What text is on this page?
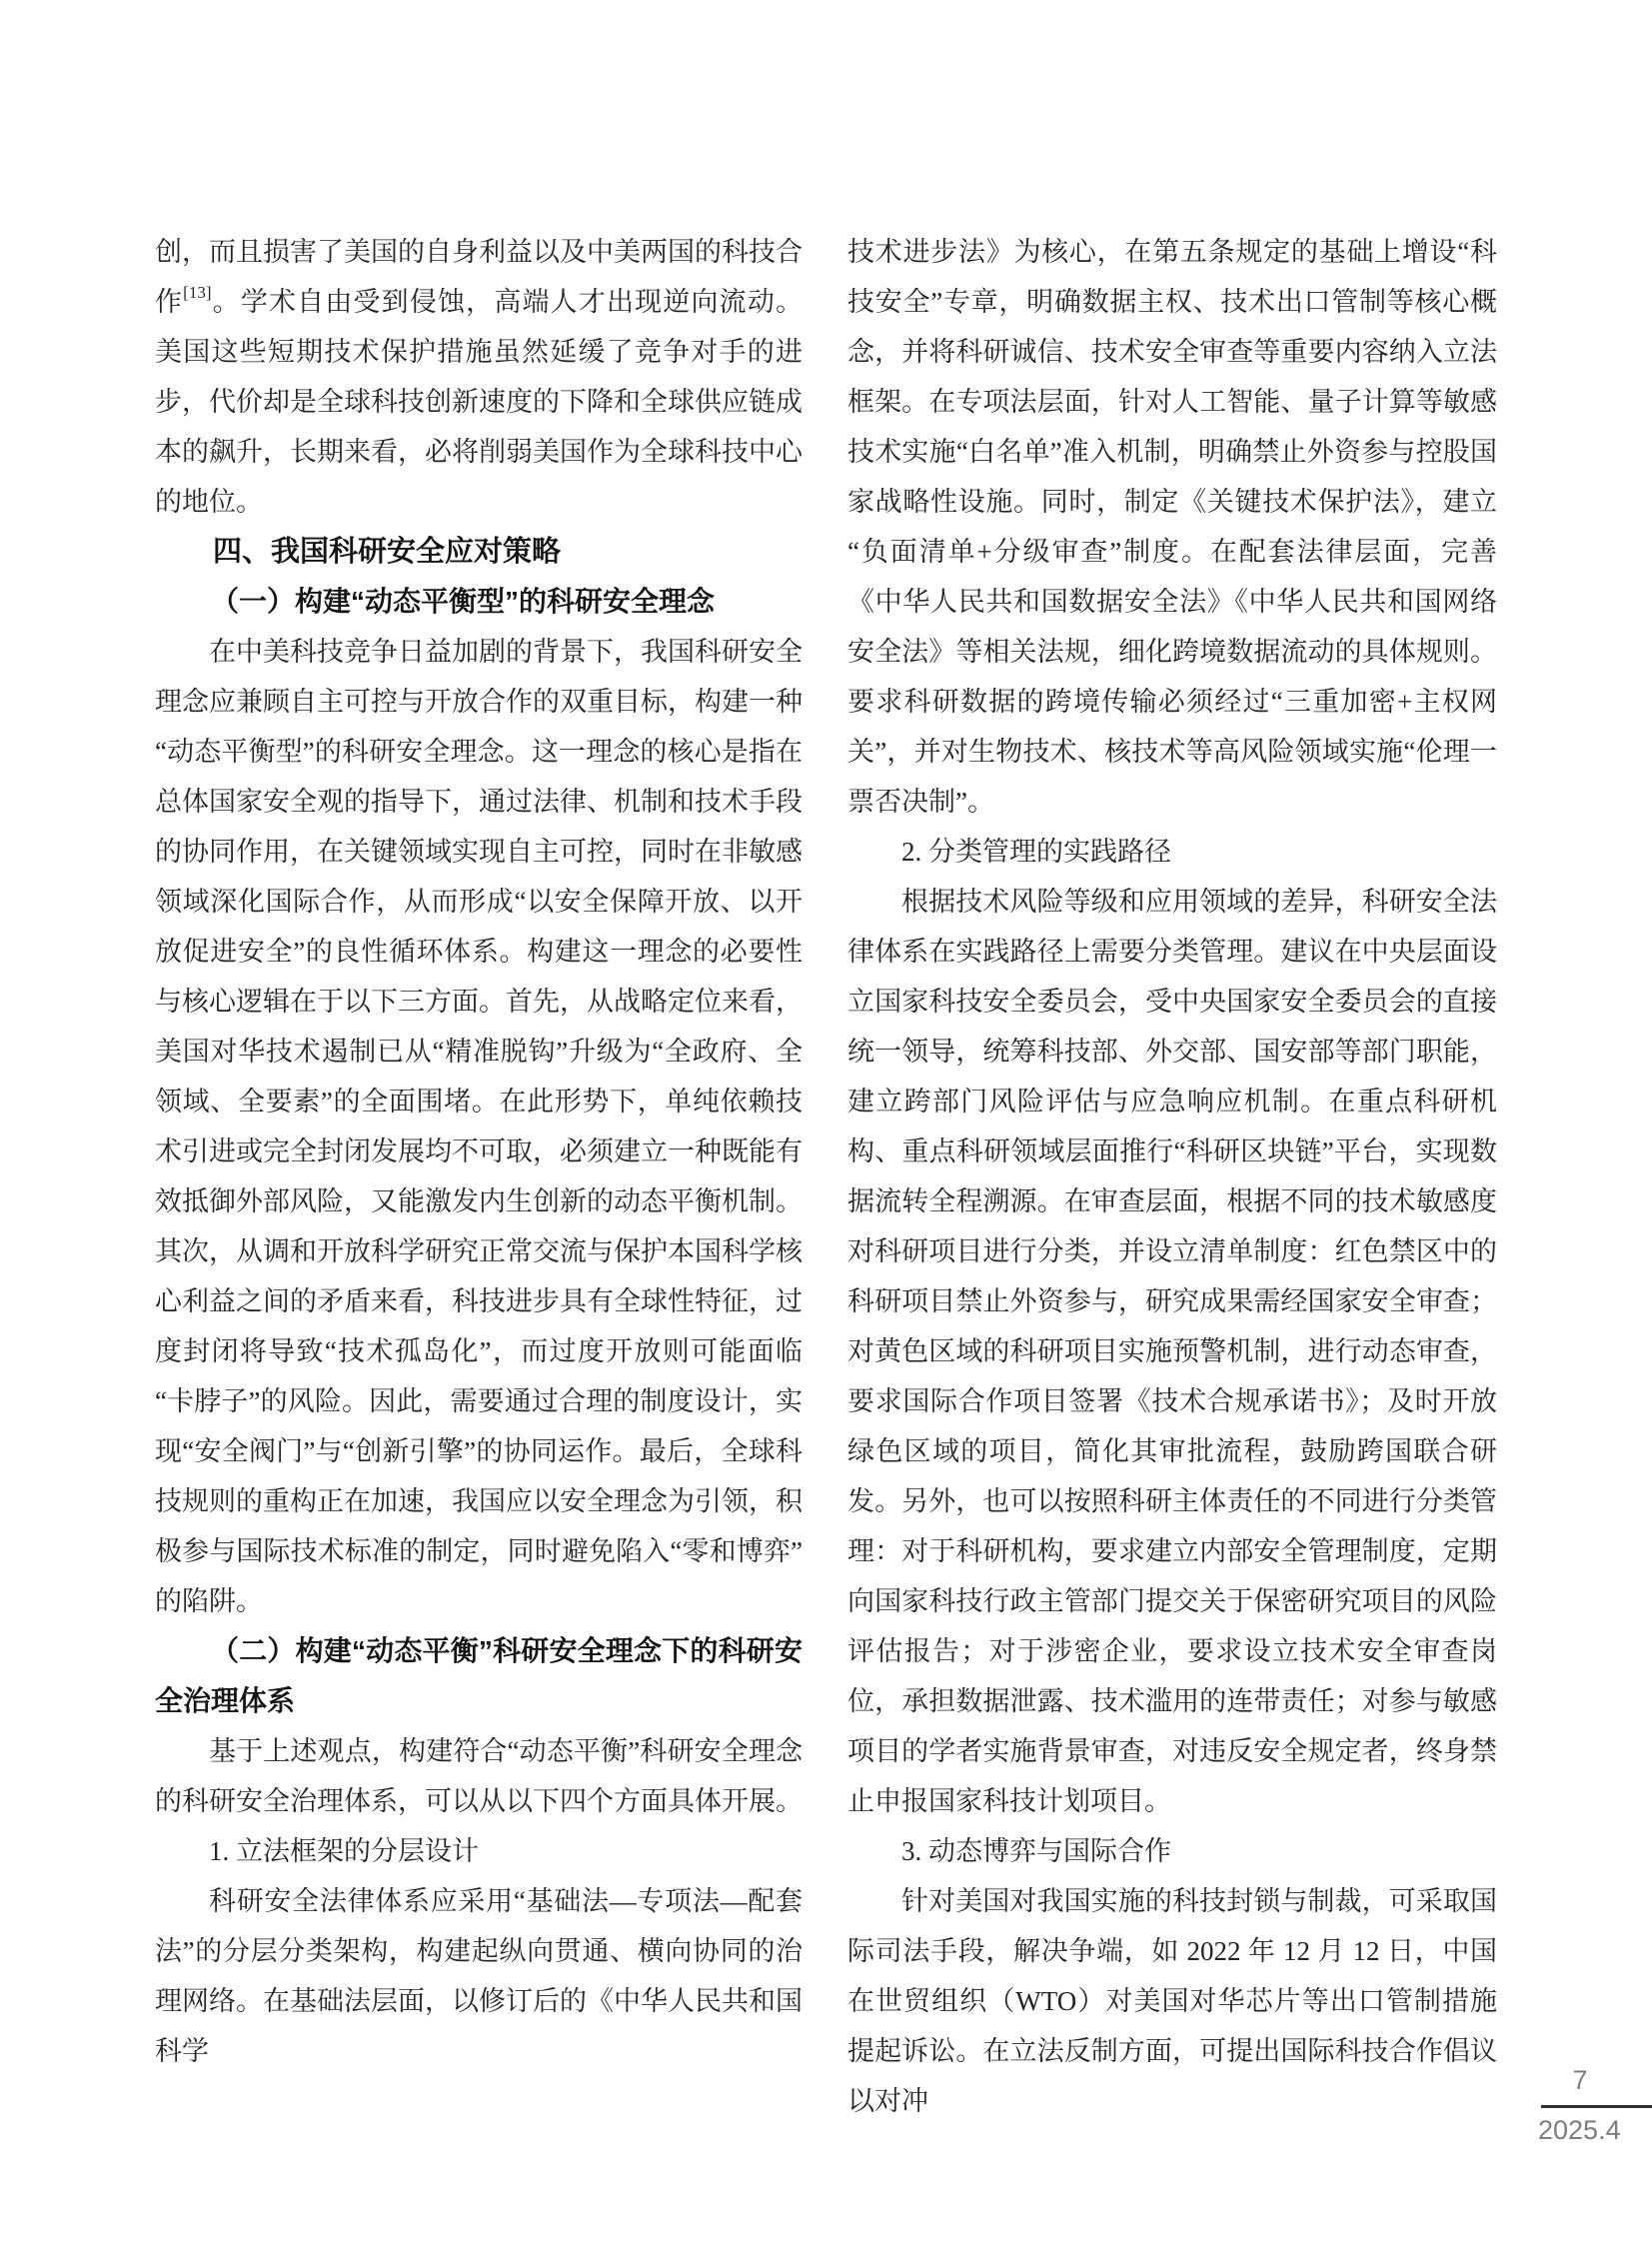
创，而且损害了美国的自身利益以及中美两国的科技合作[13]。学术自由受到侵蚀，高端人才出现逆向流动。美国这些短期技术保护措施虽然延缓了竞争对手的进步，代价却是全球科技创新速度的下降和全球供应链成本的飙升，长期来看，必将削弱美国作为全球科技中心的地位。

四、我国科研安全应对策略

（一）构建“动态平衡型”的科研安全理念

在中美科技竞争日益加剧的背景下，我国科研安全理念应兼顾自主可控与开放合作的双重目标，构建一种“动态平衡型”的科研安全理念。这一理念的核心是指在总体国家安全观的指导下，通过法律、机制和技术手段的协同作用，在关键领域实现自主可控，同时在非敏感领域深化国际合作，从而形成“以安全保障开放、以开放促进安全”的良性循环体系。构建这一理念的必要性与核心逻辑在于以下三方面。首先，从战略定位来看，美国对华技术遏制已从“精准脱钩”升级为“全政府、全领域、全要素”的全面围堵。在此形势下，单纯依赖技术引进或完全封闭发展均不可取，必须建立一种既能有效抵御外部风险，又能激发内生创新的动态平衡机制。其次，从调和开放科学研究正常交流与保护本国科学核心利益之间的矛盾来看，科技进步具有全球性特征，过度封闭将导致“技术孤岛化”，而过度开放则可能面临“卡脖子”的风险。因此，需要通过合理的制度设计，实现“安全阀门”与“创新引擎”的协同运作。最后，全球科技规则的重构正在加速，我国应以安全理念为引领，积极参与国际技术标准的制定，同时避免陷入“零和博弈”的陷阱。

（二）构建“动态平衡”科研安全理念下的科研安全治理体系

基于上述观点，构建符合“动态平衡”科研安全理念的科研安全治理体系，可以从以下四个方面具体开展。

1. 立法框架的分层设计

科研安全法律体系应采用“基础法—专项法—配套法”的分层分类架构，构建起纵向贯通、横向协同的治理网络。在基础法层面，以修订后的《中华人民共和国科学

技术进步法》为核心，在第五条规定的基础上增设“科技安全”专章，明确数据主权、技术出口管制等核心概念，并将科研诚信、技术安全审查等重要内容纳入立法框架。在专项法层面，针对人工智能、量子计算等敏感技术实施“白名单”准入机制，明确禁止外资参与控股国家战略性设施。同时，制定《关键技术保护法》，建立“负面清单+分级审查”制度。在配套法律层面，完善《中华人民共和国数据安全法》《中华人民共和国网络安全法》等相关法规，细化跨境数据流动的具体规则。要求科研数据的跨境传输必须经过“三重加密+主权网关”，并对生物技术、核技术等高风险领域实施“伦理一票否决制”。

2. 分类管理的实践路径

根据技术风险等级和应用领域的差异，科研安全法律体系在实践路径上需要分类管理。建议在中央层面设立国家科技安全委员会，受中央国家安全委员会的直接统一领导，统筹科技部、外交部、国安部等部门职能，建立跨部门风险评估与应急响应机制。在重点科研机构、重点科研领域层面推行“科研区块链”平台，实现数据流转全程溯源。在审查层面，根据不同的技术敏感度对科研项目进行分类，并设立清单制度：红色禁区中的科研项目禁止外资参与，研究成果需经国家安全审查；对黄色区域的科研项目实施预警机制，进行动态审查，要求国际合作项目签署《技术合规承诺书》；及时开放绿色区域的项目，简化其审批流程，鼓励跨国联合研发。另外，也可以按照科研主体责任的不同进行分类管理：对于科研机构，要求建立内部安全管理制度，定期向国家科技行政主管部门提交关于保密研究项目的风险评估报告；对于涉密企业，要求设立技术安全审查岗位，承担数据泄露、技术滥用的连带责任；对参与敏感项目的学者实施背景审查，对违反安全规定者，终身禁止申报国家科技计划项目。

3. 动态博弈与国际合作

针对美国对我国实施的科技封锁与制裁，可采取国际司法手段，解决争端，如 2022 年 12 月 12 日，中国在世贸组织（WTO）对美国对华芯片等出口管制措施提起诉讼。在立法反制方面，可提出国际科技合作倡议以对冲

7
2025.4
